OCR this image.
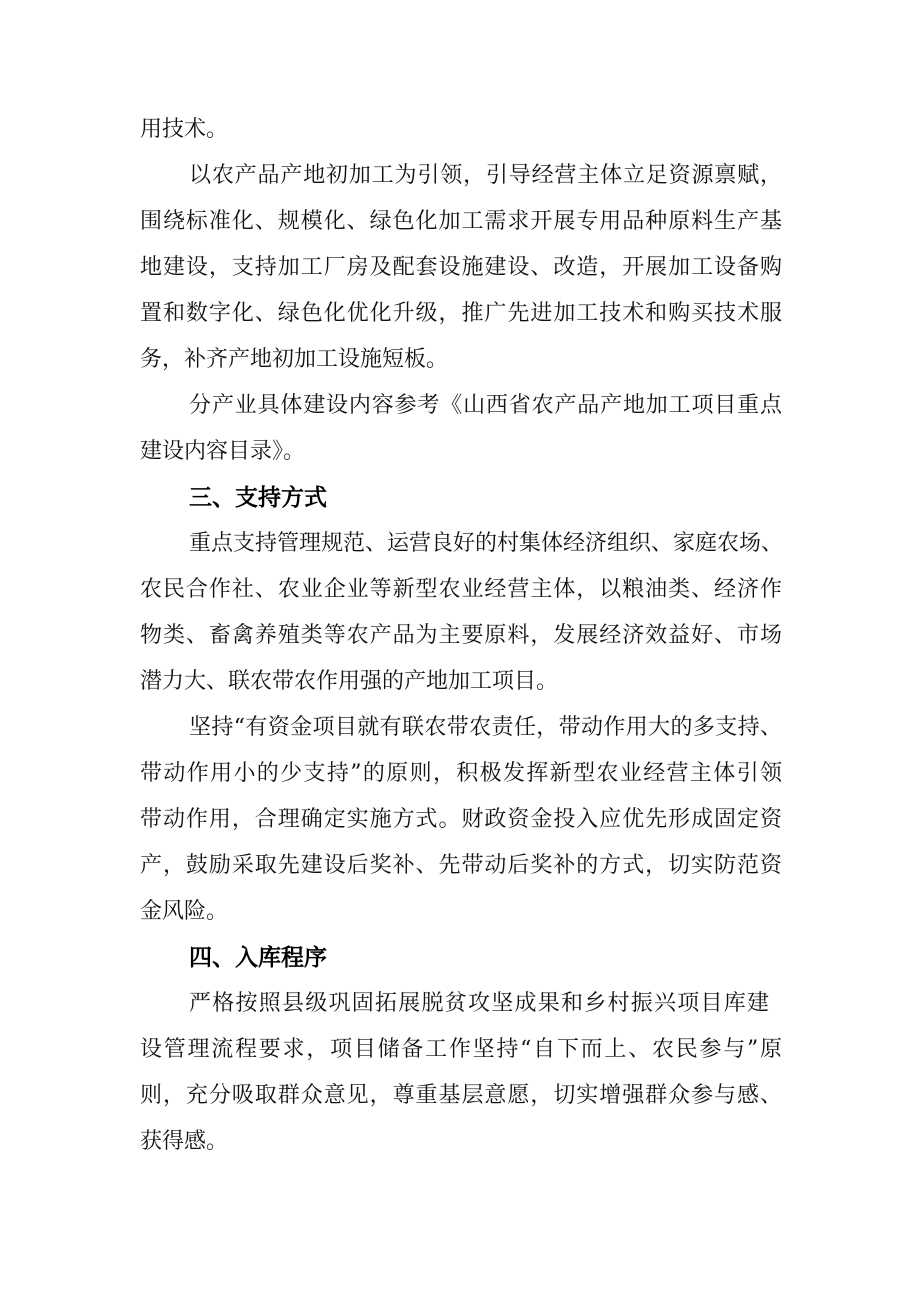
用技术。
以农产品产地初加工为引领，引导经营主体立足资源禀赋，
围绕标准化、规模化、绿色化加工需求开展专用品种原料生产基
地建设，支持加工厂房及配套设施建设、改造，开展加工设备购
置和数字化、绿色化优化升级，推广先进加工技术和购买技术服
务，补齐产地初加工设施短板。
分产业具体建设内容参考《山西省农产品产地加工项目重点
建设内容目录》。
三、支持方式
重点支持管理规范、运营良好的村集体经济组织、家庭农场、
农民合作社、农业企业等新型农业经营主体，以粮油类、经济作
物类、畜禽养殖类等农产品为主要原料，发展经济效益好、市场
潜力大、联农带农作用强的产地加工项目。
坚持“有资金项目就有联农带农责任，带动作用大的多支持、
带动作用小的少支持”的原则，积极发挥新型农业经营主体引领
带动作用，合理确定实施方式。财政资金投入应优先形成固定资
产，鼓励采取先建设后奖补、先带动后奖补的方式，切实防范资
金风险。
四、入库程序
严格按照县级巩固拓展脱贫攻坚成果和乡村振兴项目库建
设管理流程要求，项目储备工作坚持“自下而上、农民参与”原
则，充分吸取群众意见，尊重基层意愿，切实增强群众参与感、
获得感。
